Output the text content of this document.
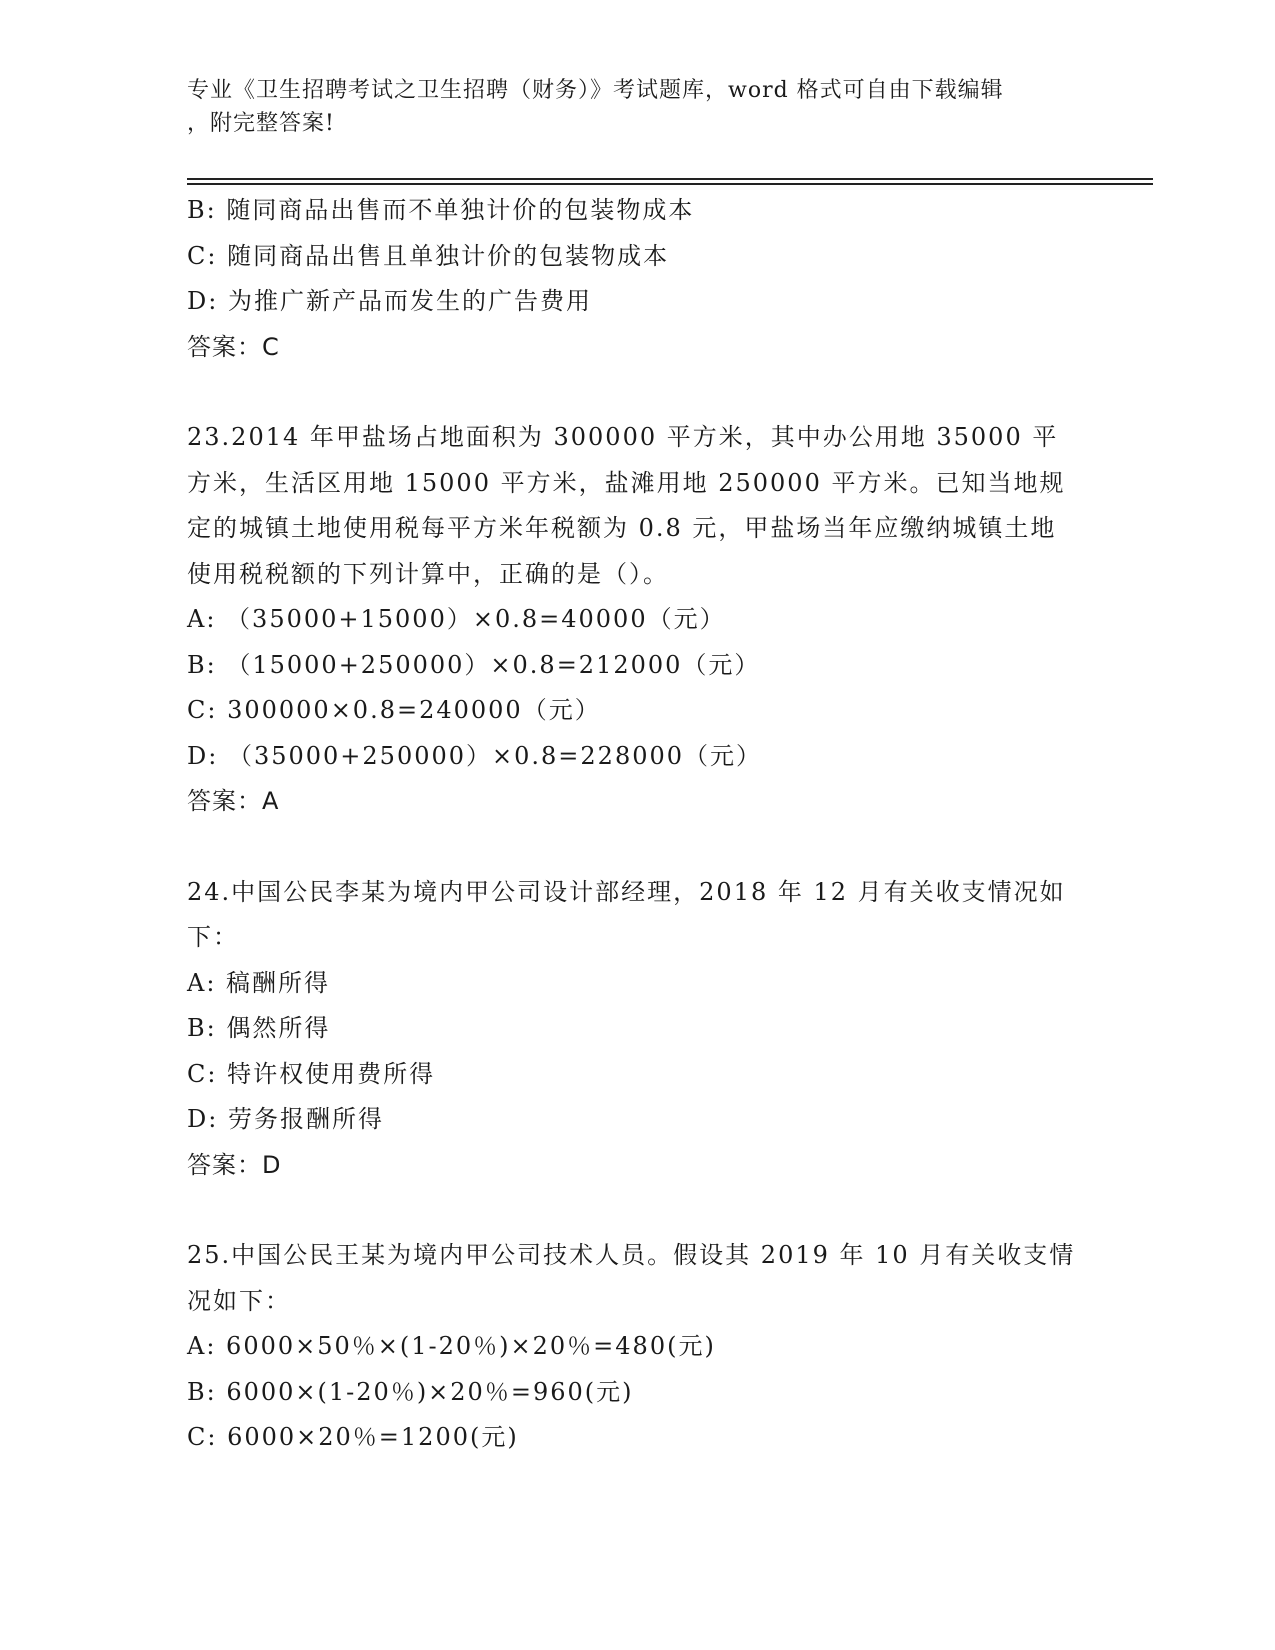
专业《卫生招聘考试之卫生招聘（财务）》考试题库，word 格式可自由下载编辑
，附完整答案!
B: 随同商品出售而不单独计价的包装物成本
C: 随同商品出售且单独计价的包装物成本
D: 为推广新产品而发生的广告费用
答案：C
23.2014 年甲盐场占地面积为 300000 平方米，其中办公用地 35000 平方米，生活区用地 15000 平方米，盐滩用地 250000 平方米。已知当地规定的城镇土地使用税每平方米年税额为 0.8 元，甲盐场当年应缴纳城镇土地使用税税额的下列计算中，正确的是（）。
A: （35000+15000）×0.8=40000（元）
B: （15000+250000）×0.8=212000（元）
C: 300000×0.8=240000（元）
D: （35000+250000）×0.8=228000（元）
答案：A
24.中国公民李某为境内甲公司设计部经理，2018 年 12 月有关收支情况如下：
A: 稿酬所得
B: 偶然所得
C: 特许权使用费所得
D: 劳务报酬所得
答案：D
25.中国公民王某为境内甲公司技术人员。假设其 2019 年 10 月有关收支情况如下：
A: 6000×50％×(1-20％)×20％=480(元)
B: 6000×(1-20％)×20％=960(元)
C: 6000×20％=1200(元)
